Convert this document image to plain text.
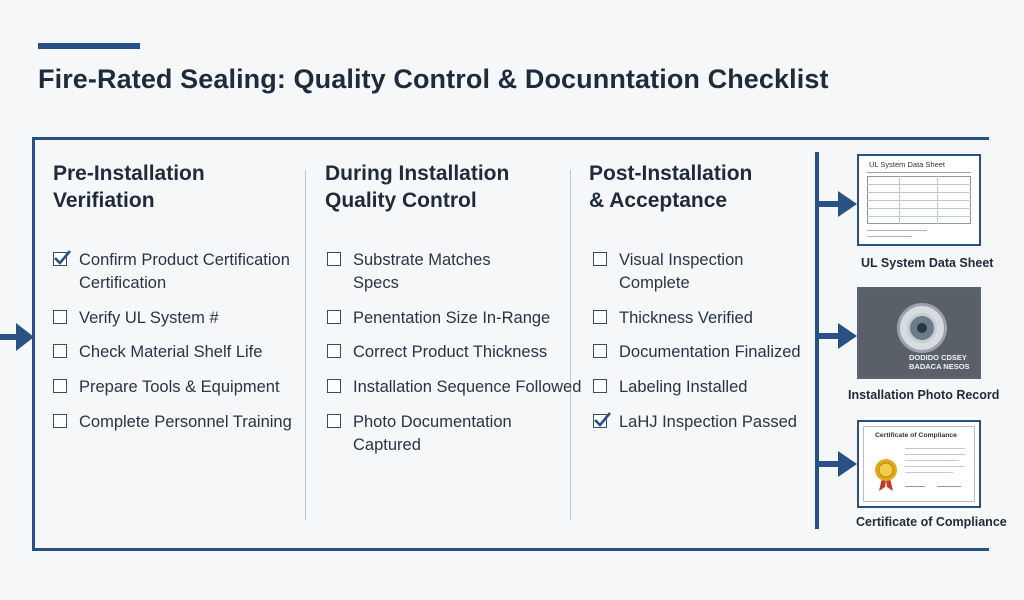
Fire-Rated Sealing: Quality Control & Docunntation Checklist
Pre-Installation
Verifiation
Confirm Product Certification
Certification
Verify UL System #
Check Material Shelf Life
Prepare Tools & Equipment
Complete Personnel Training
During Installation
Quality Control
Substrate Matches
Specs
Penentation Size In-Range
Correct Product Thickness
Installation Sequence Followed
Photo Documentation
Captured
Post-Installation
& Acceptance
Visual Inspection
Complete
Thickness Verified
Documentation Finalized
Labeling Installed
LaHJ Inspection Passed
UL System Data Sheet
UL System Data Sheet
DODIDO CDSEY
BADACA NESOS
Installation Photo Record
Certificate of Compliance
Certificate of Compliance
